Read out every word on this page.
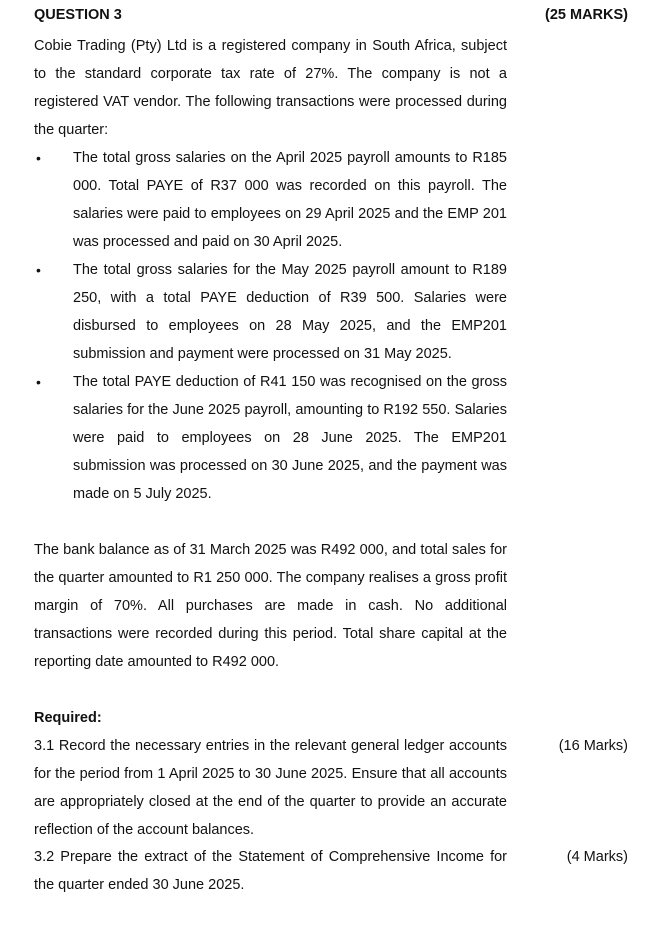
QUESTION 3	(25 MARKS)

Cobie Trading (Pty) Ltd is a registered company in South Africa, subject to the standard corporate tax rate of 27%. The company is not a registered VAT vendor. The following transactions were processed during the quarter:

• The total gross salaries on the April 2025 payroll amounts to R185 000. Total PAYE of R37 000 was recorded on this payroll. The salaries were paid to employees on 29 April 2025 and the EMP 201 was processed and paid on 30 April 2025.
• The total gross salaries for the May 2025 payroll amount to R189 250, with a total PAYE deduction of R39 500. Salaries were disbursed to employees on 28 May 2025, and the EMP201 submission and payment were processed on 31 May 2025.
• The total PAYE deduction of R41 150 was recognised on the gross salaries for the June 2025 payroll, amounting to R192 550. Salaries were paid to employees on 28 June 2025. The EMP201 submission was processed on 30 June 2025, and the payment was made on 5 July 2025.

The bank balance as of 31 March 2025 was R492 000, and total sales for the quarter amounted to R1 250 000. The company realises a gross profit margin of 70%. All purchases are made in cash. No additional transactions were recorded during this period. Total share capital at the reporting date amounted to R492 000.

Required:
3.1 Record the necessary entries in the relevant general ledger accounts for the period from 1 April 2025 to 30 June 2025. Ensure that all accounts are appropriately closed at the end of the quarter to provide an accurate reflection of the account balances.
(16 Marks)
3.2 Prepare the extract of the Statement of Comprehensive Income for the quarter ended 30 June 2025.
(4 Marks)
